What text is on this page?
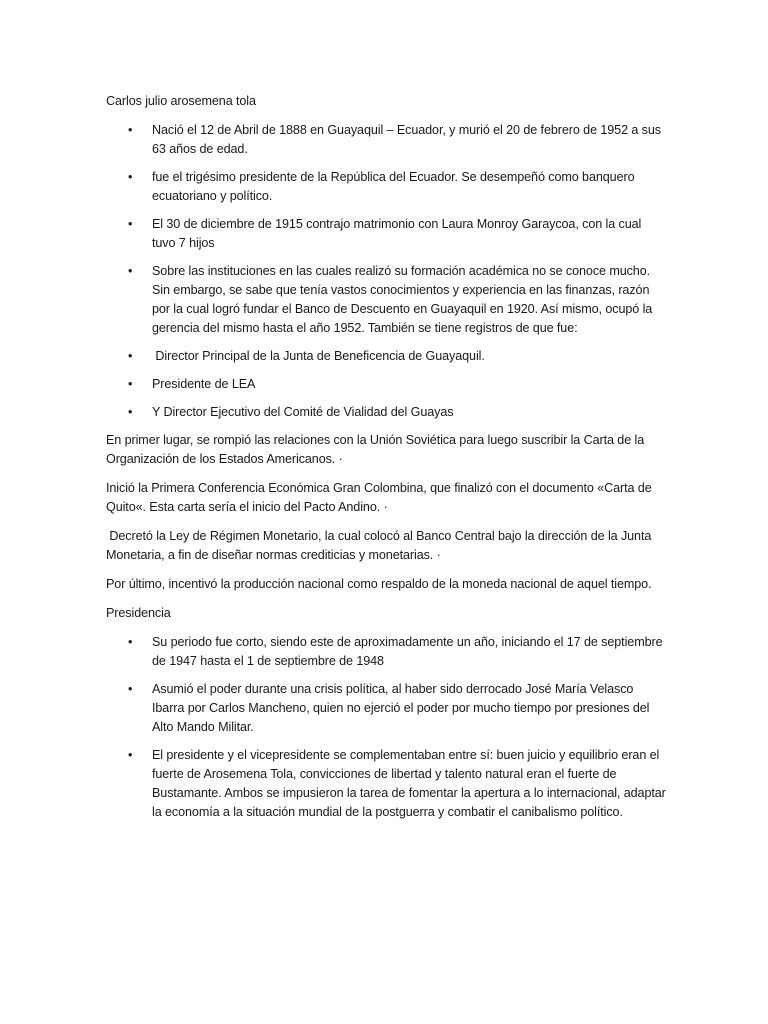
Carlos julio arosemena tola
• Nació el 12 de Abril de 1888 en Guayaquil – Ecuador, y murió el 20 de febrero de 1952 a sus 63 años de edad.
• fue el trigésimo presidente de la República del Ecuador. Se desempeñó como banquero ecuatoriano y político.
• El 30 de diciembre de 1915 contrajo matrimonio con Laura Monroy Garaycoa, con la cual tuvo 7 hijos
• Sobre las instituciones en las cuales realizó su formación académica no se conoce mucho. Sin embargo, se sabe que tenía vastos conocimientos y experiencia en las finanzas, razón por la cual logró fundar el Banco de Descuento en Guayaquil en 1920. Así mismo, ocupó la gerencia del mismo hasta el año 1952. También se tiene registros de que fue:
• Director Principal de la Junta de Beneficencia de Guayaquil.
• Presidente de LEA
• Y Director Ejecutivo del Comité de Vialidad del Guayas

En primer lugar, se rompió las relaciones con la Unión Soviética para luego suscribir la Carta de la Organización de los Estados Americanos. ·

Inició la Primera Conferencia Económica Gran Colombina, que finalizó con el documento «Carta de Quito«. Esta carta sería el inicio del Pacto Andino. ·

Decretó la Ley de Régimen Monetario, la cual colocó al Banco Central bajo la dirección de la Junta Monetaria, a fin de diseñar normas crediticias y monetarias. ·

Por último, incentivó la producción nacional como respaldo de la moneda nacional de aquel tiempo.

Presidencia
• Su periodo fue corto, siendo este de aproximadamente un año, iniciando el 17 de septiembre de 1947 hasta el 1 de septiembre de 1948
• Asumió el poder durante una crisis política, al haber sido derrocado José María Velasco Ibarra por Carlos Mancheno, quien no ejerció el poder por mucho tiempo por presiones del Alto Mando Militar.
• El presidente y el vicepresidente se complementaban entre sí: buen juicio y equilibrio eran el fuerte de Arosemena Tola, convicciones de libertad y talento natural eran el fuerte de Bustamante. Ambos se impusieron la tarea de fomentar la apertura a lo internacional, adaptar la economía a la situación mundial de la postguerra y combatir el canibalismo político.
